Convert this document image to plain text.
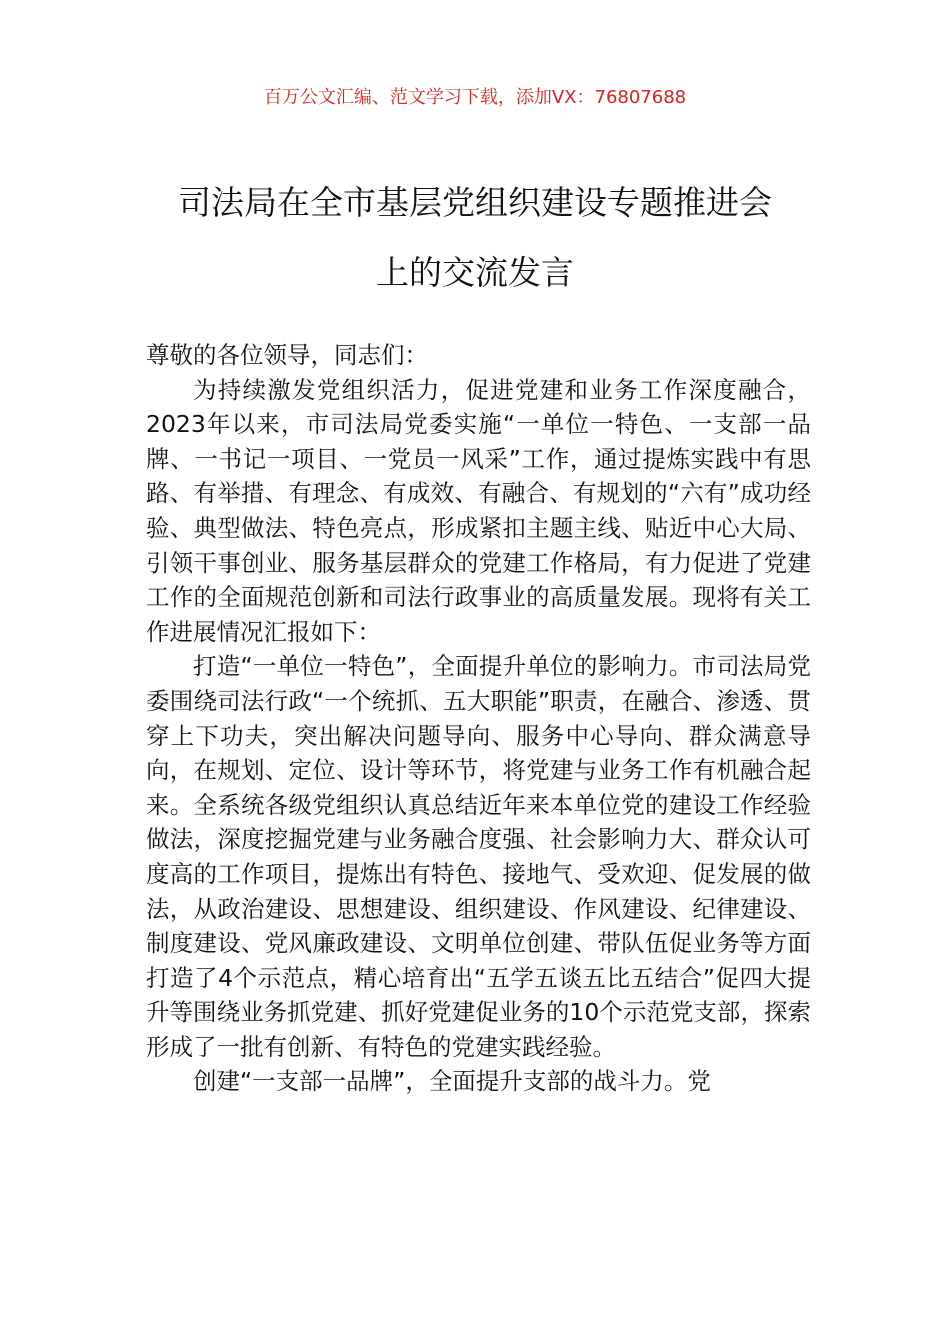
百万公文汇编、范文学习下载，添加VX：76807688
司法局在全市基层党组织建设专题推进会
上的交流发言

尊敬的各位领导，同志们：

为持续激发党组织活力，促进党建和业务工作深度融合，2023年以来，市司法局党委实施“一单位一特色、一支部一品牌、一书记一项目、一党员一风采”工作，通过提炼实践中有思路、有举措、有理念、有成效、有融合、有规划的“六有”成功经验、典型做法、特色亮点，形成紧扣主题主线、贴近中心大局、引领干事创业、服务基层群众的党建工作格局，有力促进了党建工作的全面规范创新和司法行政事业的高质量发展。现将有关工作进展情况汇报如下：

打造“一单位一特色”，全面提升单位的影响力。市司法局党委围绕司法行政“一个统抓、五大职能”职责，在融合、渗透、贯穿上下功夫，突出解决问题导向、服务中心导向、群众满意导向，在规划、定位、设计等环节，将党建与业务工作有机融合起来。全系统各级党组织认真总结近年来本单位党的建设工作经验做法，深度挖掘党建与业务融合度强、社会影响力大、群众认可度高的工作项目，提炼出有特色、接地气、受欢迎、促发展的做法，从政治建设、思想建设、组织建设、作风建设、纪律建设、制度建设、党风廉政建设、文明单位创建、带队伍促业务等方面打造了4个示范点，精心培育出“五学五谈五比五结合”促四大提升等围绕业务抓党建、抓好党建促业务的10个示范党支部，探索形成了一批有创新、有特色的党建实践经验。

创建“一支部一品牌”，全面提升支部的战斗力。党
